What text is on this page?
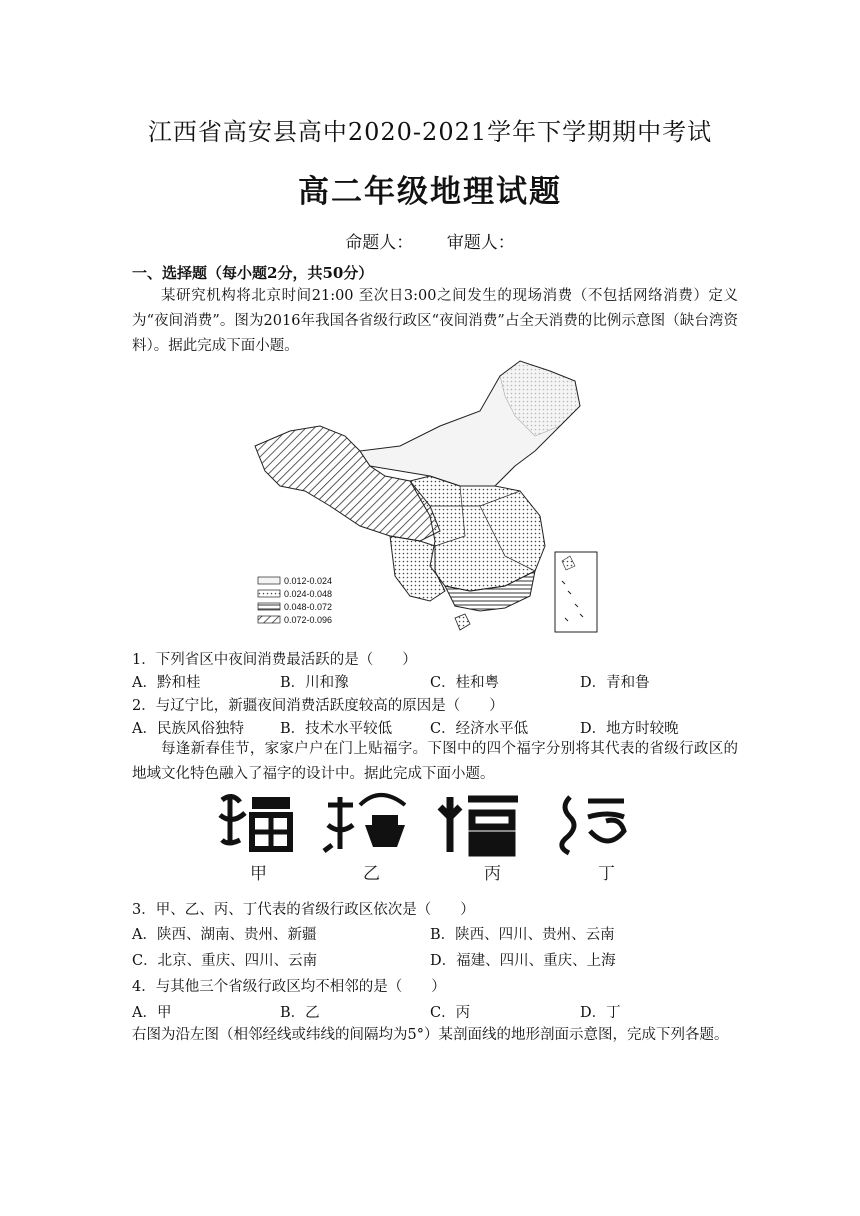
江西省高安县高中2020-2021学年下学期期中考试
高二年级地理试题
命题人： 审题人：
一、选择题（每小题2分，共50分）
某研究机构将北京时间21:00 至次日3:00之间发生的现场消费（不包括网络消费）定义为“夜间消费”。图为2016年我国各省级行政区“夜间消费”占全天消费的比例示意图（缺台湾资料）。据此完成下面小题。
0.012-0.024
0.024-0.048
0.048-0.072
0.072-0.096
1．下列省区中夜间消费最活跃的是（　　）
A．黔和桂	B．川和豫	C．桂和粤	D．青和鲁
2．与辽宁比，新疆夜间消费活跃度较高的原因是（　　）
A．民族风俗独特 B．技术水平较低	C．经济水平低	D．地方时较晚
每逢新春佳节，家家户户在门上贴福字。下图中的四个福字分别将其代表的省级行政区的地域文化特色融入了福字的设计中。据此完成下面小题。
甲	乙	丙	丁
3．甲、乙、丙、丁代表的省级行政区依次是（　　）
A．陕西、湖南、贵州、新疆	B．陕西、四川、贵州、云南
C．北京、重庆、四川、云南	D．福建、四川、重庆、上海
4．与其他三个省级行政区均不相邻的是（　　）
A．甲	B．乙	C．丙	D．丁
右图为沿左图（相邻经线或纬线的间隔均为5°）某剖面线的地形剖面示意图，完成下列各题。
